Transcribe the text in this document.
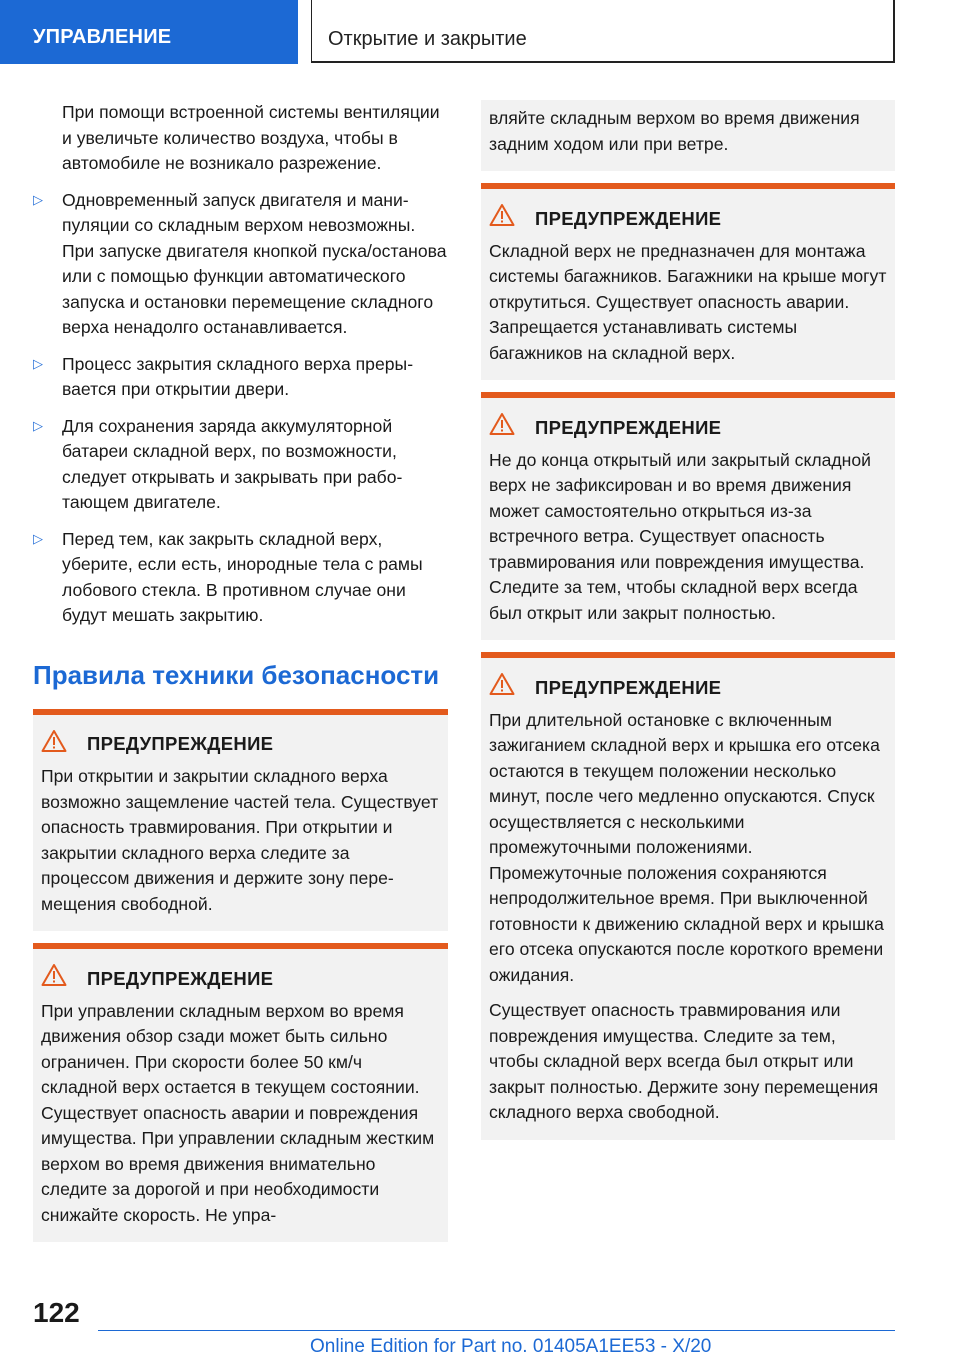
УПРАВЛЕНИЕ	Открытие и закрытие

При помощи встроенной системы вентиляции и увеличьте количество воздуха, чтобы в автомобиле не возникало разрежение.

▷ Одновременный запуск двигателя и манипуляции со складным верхом невозможны. При запуске двигателя кнопкой пуска/останова или с помощью функции автоматического запуска и остановки перемещение складного верха ненадолго останавливается.
▷ Процесс закрытия складного верха прерывается при открытии двери.
▷ Для сохранения заряда аккумуляторной батареи складной верх, по возможности, следует открывать и закрывать при работающем двигателе.
▷ Перед тем, как закрыть складной верх, уберите, если есть, инородные тела с рамы лобового стекла. В противном случае они будут мешать закрытию.
Правила техники безопасности
ПРЕДУПРЕЖДЕНИЕ

При открытии и закрытии складного верха возможно защемление частей тела. Существует опасность травмирования. При открытии и закрытии складного верха следите за процессом движения и держите зону перемещения свободной.

ПРЕДУПРЕЖДЕНИЕ

При управлении складным верхом во время движения обзор сзади может быть сильно ограничен. При скорости более 50 км/ч складной верх остается в текущем состоянии. Существует опасность аварии и повреждения имущества. При управлении складным жестким верхом во время движения внимательно следите за дорогой и при необходимости снижайте скорость. Не упра-

вляйте складным верхом во время движения задним ходом или при ветре.

ПРЕДУПРЕЖДЕНИЕ

Складной верх не предназначен для монтажа системы багажников. Багажники на крыше могут открутиться. Существует опасность аварии. Запрещается устанавливать системы багажников на складной верх.

ПРЕДУПРЕЖДЕНИЕ

Не до конца открытый или закрытый складной верх не зафиксирован и во время движения может самостоятельно открыться из-за встречного ветра. Существует опасность травмирования или повреждения имущества. Следите за тем, чтобы складной верх всегда был открыт или закрыт полностью.

ПРЕДУПРЕЖДЕНИЕ

При длительной остановке с включенным зажиганием складной верх и крышка его отсека остаются в текущем положении несколько минут, после чего медленно опускаются. Спуск осуществляется с несколькими промежуточными положениями. Промежуточные положения сохраняются непродолжительное время. При выключенной готовности к движению складной верх и крышка его отсека опускаются после короткого времени ожидания.

Существует опасность травмирования или повреждения имущества. Следите за тем, чтобы складной верх всегда был открыт или закрыт полностью. Держите зону перемещения складного верха свободной.

122
Online Edition for Part no. 01405A1EE53 - X/20
